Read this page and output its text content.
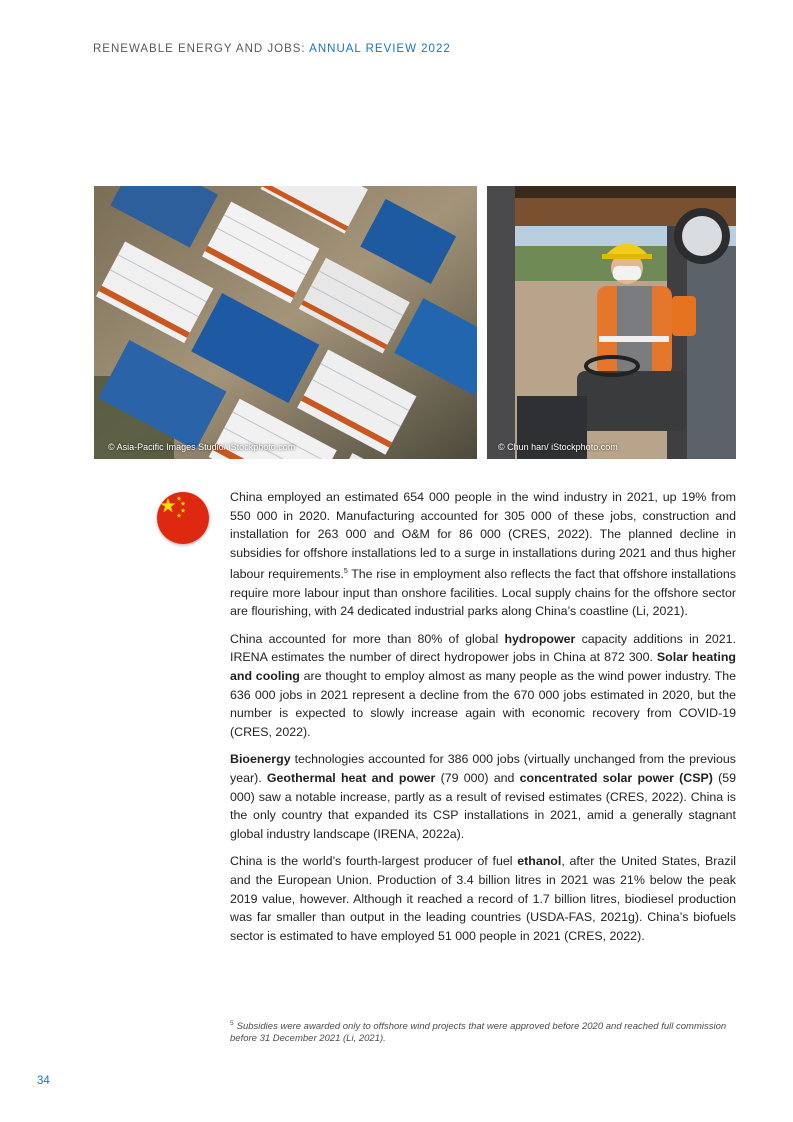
RENEWABLE ENERGY AND JOBS: ANNUAL REVIEW 2022
© Asia-Pacific Images Studio/ iStockphoto.com	© Chun han/ iStockphoto.com

China employed an estimated 654 000 people in the wind industry in 2021, up 19% from 550 000 in 2020. Manufacturing accounted for 305 000 of these jobs, construction and installation for 263 000 and O&M for 86 000 (CRES, 2022). The planned decline in subsidies for offshore installations led to a surge in installations during 2021 and thus higher labour requirements.$^5$ The rise in employment also reflects the fact that offshore installations require more labour input than onshore facilities. Local supply chains for the offshore sector are flourishing, with 24 dedicated industrial parks along China’s coastline (Li, 2021).

China accounted for more than 80% of global hydropower capacity additions in 2021. IRENA estimates the number of direct hydropower jobs in China at 872 300. Solar heating and cooling are thought to employ almost as many people as the wind power industry. The 636 000 jobs in 2021 represent a decline from the 670 000 jobs estimated in 2020, but the number is expected to slowly increase again with economic recovery from COVID-19 (CRES, 2022).

Bioenergy technologies accounted for 386 000 jobs (virtually unchanged from the previous year). Geothermal heat and power (79 000) and concentrated solar power (CSP) (59 000) saw a notable increase, partly as a result of revised estimates (CRES, 2022). China is the only country that expanded its CSP installations in 2021, amid a generally stagnant global industry landscape (IRENA, 2022a).

China is the world’s fourth-largest producer of fuel ethanol, after the United States, Brazil and the European Union. Production of 3.4 billion litres in 2021 was 21% below the peak 2019 value, however. Although it reached a record of 1.7 billion litres, biodiesel production was far smaller than output in the leading countries (USDA-FAS, 2021g). China’s biofuels sector is estimated to have employed 51 000 people in 2021 (CRES, 2022).

$^5$ Subsidies were awarded only to offshore wind projects that were approved before 2020 and reached full commission before 31 December 2021 (Li, 2021).
34
